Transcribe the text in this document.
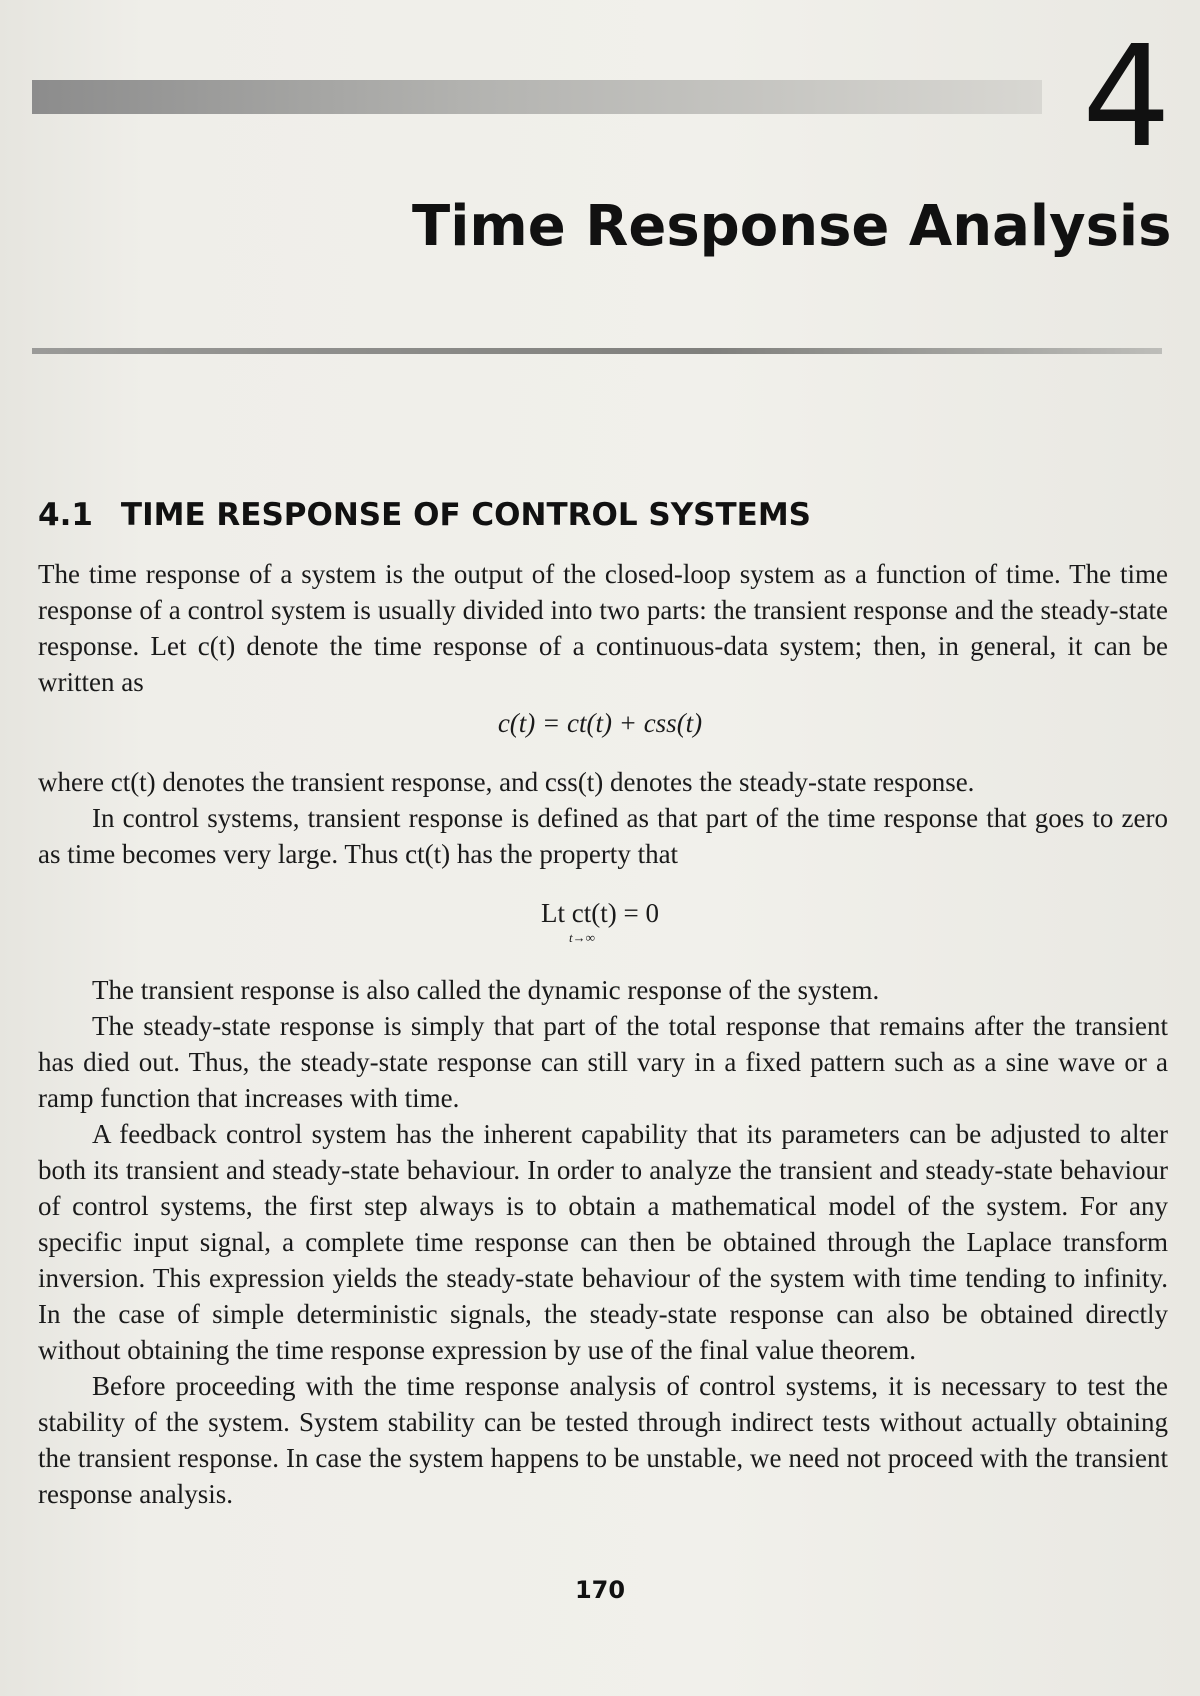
4
Time Response Analysis
4.1 TIME RESPONSE OF CONTROL SYSTEMS

The time response of a system is the output of the closed-loop system as a function of time. The time response of a control system is usually divided into two parts: the transient response and the steady-state response. Let c(t) denote the time response of a continuous-data system; then, in general, it can be written as

c(t) = ct(t) + css(t)

where ct(t) denotes the transient response, and css(t) denotes the steady-state response.

In control systems, transient response is defined as that part of the time response that goes to zero as time becomes very large. Thus ct(t) has the property that

Lt ct(t) = 0
t→∞

The transient response is also called the dynamic response of the system.

The steady-state response is simply that part of the total response that remains after the transient has died out. Thus, the steady-state response can still vary in a fixed pattern such as a sine wave or a ramp function that increases with time.

A feedback control system has the inherent capability that its parameters can be adjusted to alter both its transient and steady-state behaviour. In order to analyze the transient and steady-state behaviour of control systems, the first step always is to obtain a mathematical model of the system. For any specific input signal, a complete time response can then be obtained through the Laplace transform inversion. This expression yields the steady-state behaviour of the system with time tending to infinity. In the case of simple deterministic signals, the steady-state response can also be obtained directly without obtaining the time response expression by use of the final value theorem.

Before proceeding with the time response analysis of control systems, it is necessary to test the stability of the system. System stability can be tested through indirect tests without actually obtaining the transient response. In case the system happens to be unstable, we need not proceed with the transient response analysis.

170
